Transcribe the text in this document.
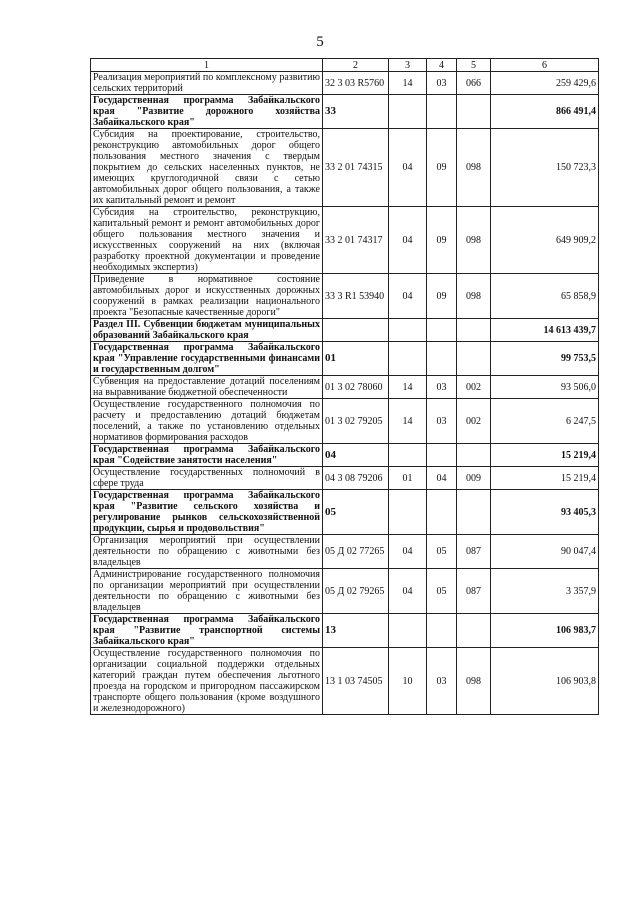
5
1	2	3	4	5	6
Реализация мероприятий по комплексному развитию сельских территорий	32 3 03 R5760	14	03	066	259 429,6
Государственная программа Забайкальского края "Развитие дорожного хозяйства Забайкальского края"	33				866 491,4
Субсидия на проектирование, строительство, реконструкцию автомобильных дорог общего пользования местного значения с твердым покрытием до сельских населенных пунктов, не имеющих круглогодичной связи с сетью автомобильных дорог общего пользования, а также их капитальный ремонт и ремонт	33 2 01 74315	04	09	098	150 723,3
Субсидия на строительство, реконструкцию, капитальный ремонт и ремонт автомобильных дорог общего пользования местного значения и искусственных сооружений на них (включая разработку проектной документации и проведение необходимых экспертиз)	33 2 01 74317	04	09	098	649 909,2
Приведение в нормативное состояние автомобильных дорог и искусственных дорожных сооружений в рамках реализации национального проекта "Безопасные качественные дороги"	33 3 R1 53940	04	09	098	65 858,9
Раздел III. Субвенции бюджетам муниципальных образований Забайкальского края					14 613 439,7
Государственная программа Забайкальского края "Управление государственными финансами и государственным долгом"	01				99 753,5
Субвенция на предоставление дотаций поселениям на выравнивание бюджетной обеспеченности	01 3 02 78060	14	03	002	93 506,0
Осуществление государственного полномочия по расчету и предоставлению дотаций бюджетам поселений, а также по установлению отдельных нормативов формирования расходов	01 3 02 79205	14	03	002	6 247,5
Государственная программа Забайкальского края "Содействие занятости населения"	04				15 219,4
Осуществление государственных полномочий в сфере труда	04 3 08 79206	01	04	009	15 219,4
Государственная программа Забайкальского края "Развитие сельского хозяйства и регулирование рынков сельскохозяйственной продукции, сырья и продовольствия"	05				93 405,3
Организация мероприятий при осуществлении деятельности по обращению с животными без владельцев	05 Д 02 77265	04	05	087	90 047,4
Администрирование государственного полномочия по организации мероприятий при осуществлении деятельности по обращению с животными без владельцев	05 Д 02 79265	04	05	087	3 357,9
Государственная программа Забайкальского края "Развитие транспортной системы Забайкальского края"	13				106 983,7
Осуществление государственного полномочия по организации социальной поддержки отдельных категорий граждан путем обеспечения льготного проезда на городском и пригородном пассажирском транспорте общего пользования (кроме воздушного и железнодорожного)	13 1 03 74505	10	03	098	106 903,8
